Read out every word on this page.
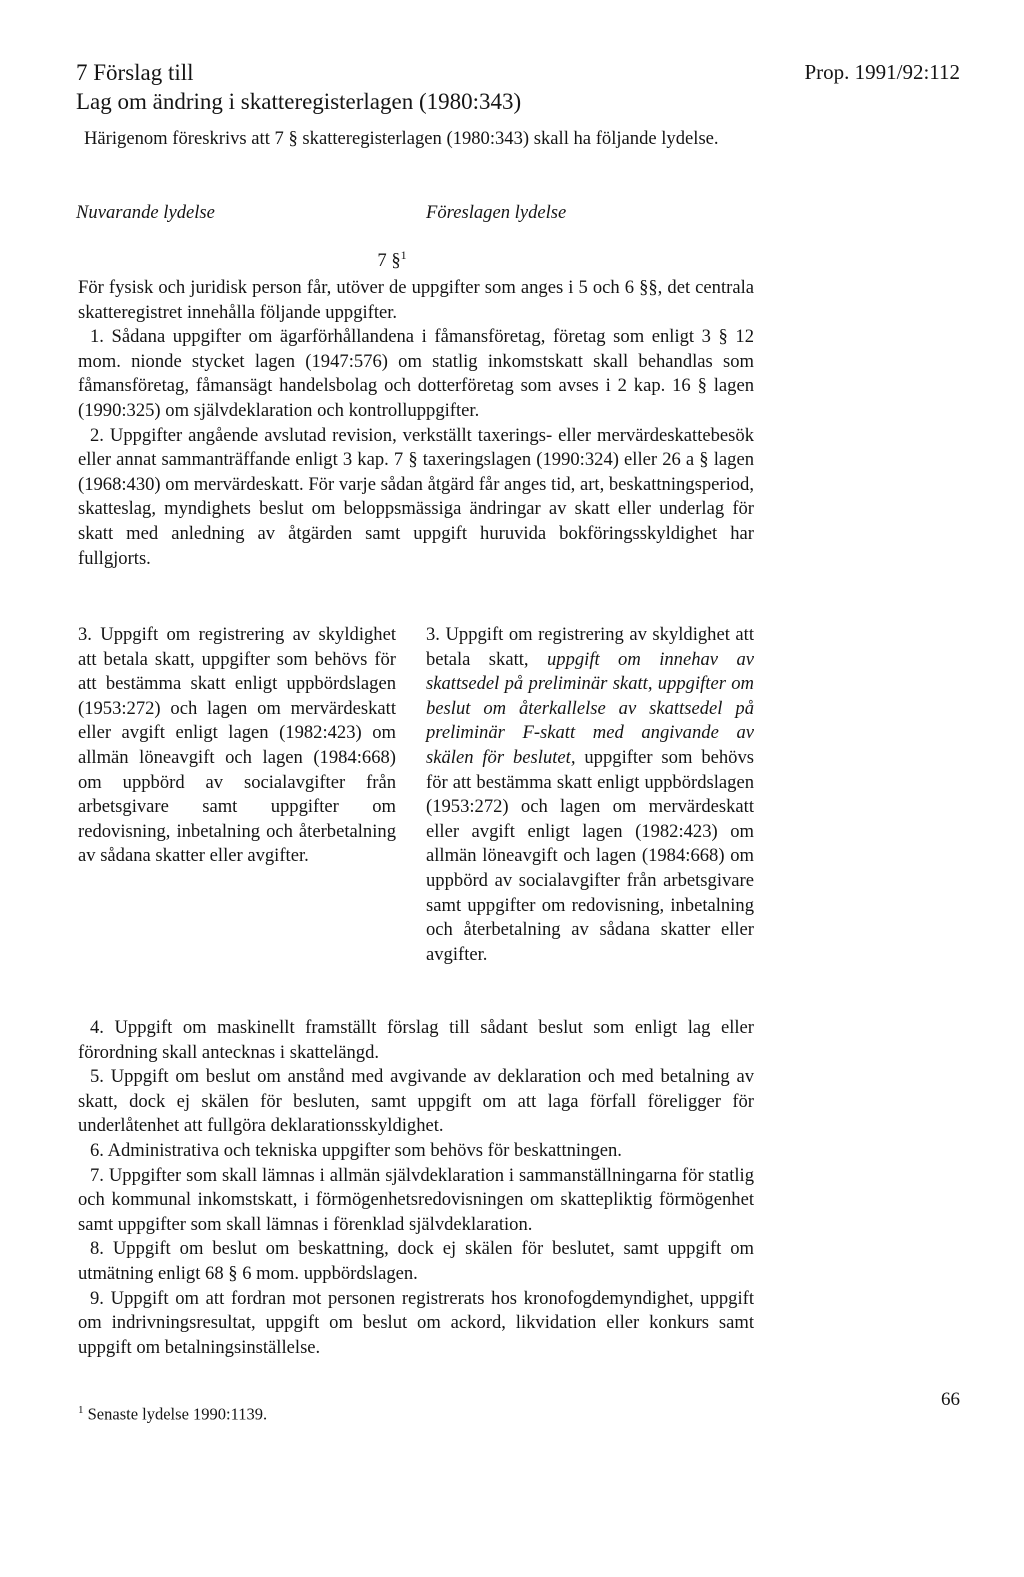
7 Förslag till
Lag om ändring i skatteregisterlagen (1980:343)
Prop. 1991/92:112
Härigenom föreskrivs att 7 § skatteregisterlagen (1980:343) skall ha följande lydelse.
Nuvarande lydelse	Föreslagen lydelse
7 §$^1$

För fysisk och juridisk person får, utöver de uppgifter som anges i 5 och 6 §§, det centrala skatteregistret innehålla följande uppgifter.

1. Sådana uppgifter om ägarförhållandena i fåmansföretag, företag som enligt 3 § 12 mom. nionde stycket lagen (1947:576) om statlig inkomstskatt skall behandlas som fåmansföretag, fåmansägt handelsbolag och dotterföretag som avses i 2 kap. 16 § lagen (1990:325) om självdeklaration och kontrolluppgifter.

2. Uppgifter angående avslutad revision, verkställt taxerings- eller mervärdeskattebesök eller annat sammanträffande enligt 3 kap. 7 § taxeringslagen (1990:324) eller 26 a § lagen (1968:430) om mervärdeskatt. För varje sådan åtgärd får anges tid, art, beskattningsperiod, skatteslag, myndighets beslut om beloppsmässiga ändringar av skatt eller underlag för skatt med anledning av åtgärden samt uppgift huruvida bokföringsskyldighet har fullgjorts.

3. Uppgift om registrering av skyldighet att betala skatt, uppgifter som behövs för att bestämma skatt enligt uppbördslagen (1953:272) och lagen om mervärdeskatt eller avgift enligt lagen (1982:423) om allmän löneavgift och lagen (1984:668) om uppbörd av socialavgifter från arbetsgivare samt uppgifter om redovisning, inbetalning och återbetalning av sådana skatter eller avgifter.

3. Uppgift om registrering av skyldighet att betala skatt, uppgift om innehav av skattsedel på preliminär skatt, uppgifter om beslut om återkallelse av skattsedel på preliminär F-skatt med angivande av skälen för beslutet, uppgifter som behövs för att bestämma skatt enligt uppbördslagen (1953:272) och lagen om mervärdeskatt eller avgift enligt lagen (1982:423) om allmän löneavgift och lagen (1984:668) om uppbörd av socialavgifter från arbetsgivare samt uppgifter om redovisning, inbetalning och återbetalning av sådana skatter eller avgifter.

4. Uppgift om maskinellt framställt förslag till sådant beslut som enligt lag eller förordning skall antecknas i skattelängd.

5. Uppgift om beslut om anstånd med avgivande av deklaration och med betalning av skatt, dock ej skälen för besluten, samt uppgift om att laga förfall föreligger för underlåtenhet att fullgöra deklarationsskyldighet.

6. Administrativa och tekniska uppgifter som behövs för beskattningen.

7. Uppgifter som skall lämnas i allmän självdeklaration i sammanställningarna för statlig och kommunal inkomstskatt, i förmögenhetsredovisningen om skattepliktig förmögenhet samt uppgifter som skall lämnas i förenklad självdeklaration.

8. Uppgift om beslut om beskattning, dock ej skälen för beslutet, samt uppgift om utmätning enligt 68 § 6 mom. uppbördslagen.

9. Uppgift om att fordran mot personen registrerats hos kronofogdemyndighet, uppgift om indrivningsresultat, uppgift om beslut om ackord, likvidation eller konkurs samt uppgift om betalningsinställelse.

$^1$ Senaste lydelse 1990:1139.
66
